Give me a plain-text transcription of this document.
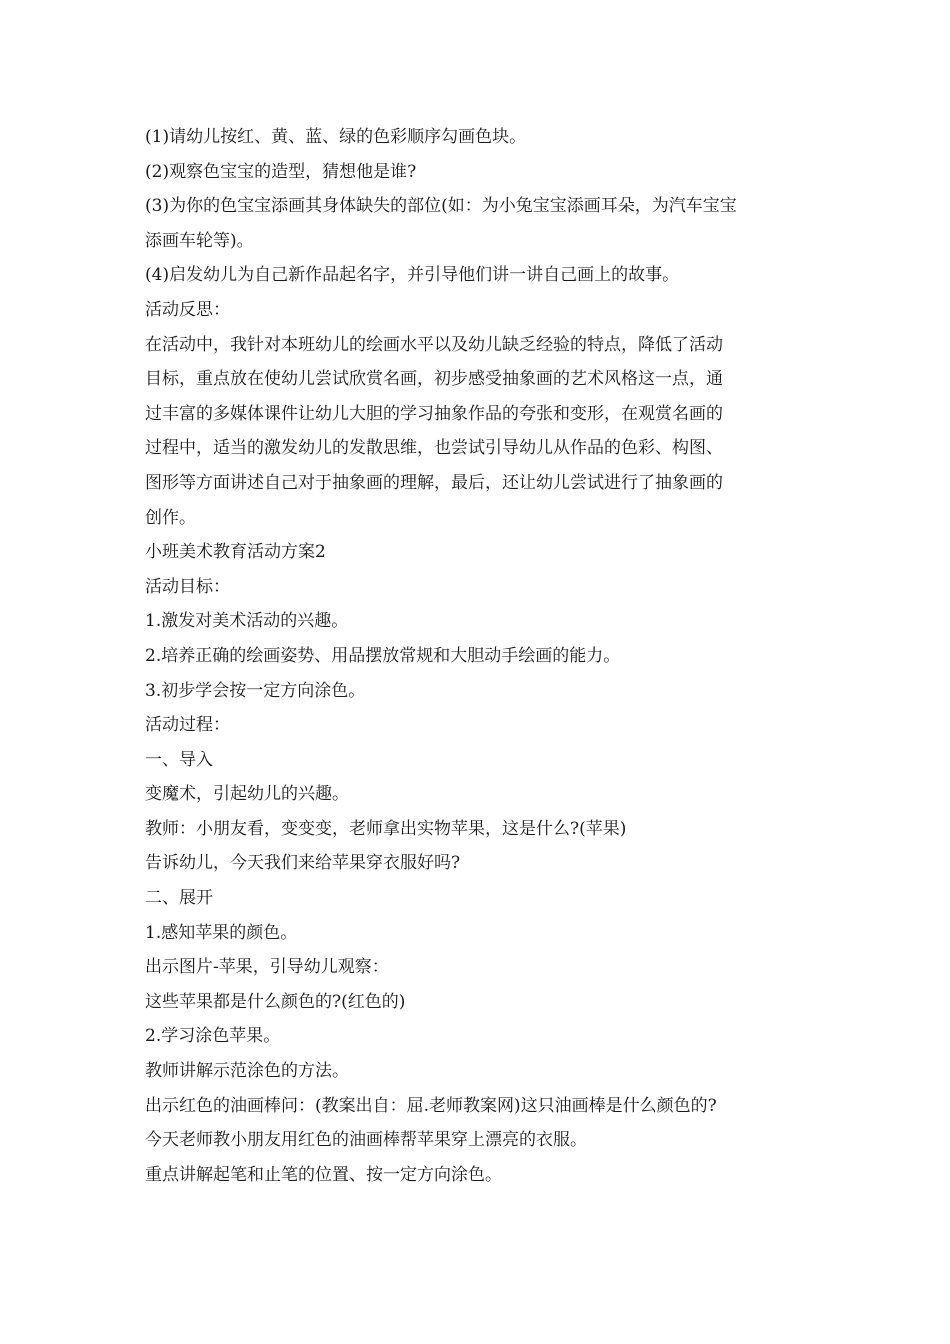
(1)请幼儿按红、黄、蓝、绿的色彩顺序勾画色块。
(2)观察色宝宝的造型，猜想他是谁?
(3)为你的色宝宝添画其身体缺失的部位(如：为小兔宝宝添画耳朵，为汽车宝宝
添画车轮等)。
(4)启发幼儿为自己新作品起名字，并引导他们讲一讲自己画上的故事。
活动反思：
在活动中，我针对本班幼儿的绘画水平以及幼儿缺乏经验的特点，降低了活动
目标，重点放在使幼儿尝试欣赏名画，初步感受抽象画的艺术风格这一点，通
过丰富的多媒体课件让幼儿大胆的学习抽象作品的夸张和变形，在观赏名画的
过程中，适当的激发幼儿的发散思维，也尝试引导幼儿从作品的色彩、构图、
图形等方面讲述自己对于抽象画的理解，最后，还让幼儿尝试进行了抽象画的
创作。
小班美术教育活动方案2
活动目标：
1.激发对美术活动的兴趣。
2.培养正确的绘画姿势、用品摆放常规和大胆动手绘画的能力。
3.初步学会按一定方向涂色。
活动过程：
一、导入
变魔术，引起幼儿的兴趣。
教师：小朋友看，变变变，老师拿出实物苹果，这是什么?(苹果)
告诉幼儿，今天我们来给苹果穿衣服好吗?
二、展开
1.感知苹果的颜色。
出示图片-苹果，引导幼儿观察：
这些苹果都是什么颜色的?(红色的)
2.学习涂色苹果。
教师讲解示范涂色的方法。
出示红色的油画棒问：(教案出自：屈.老师教案网)这只油画棒是什么颜色的?
今天老师教小朋友用红色的油画棒帮苹果穿上漂亮的衣服。
重点讲解起笔和止笔的位置、按一定方向涂色。
